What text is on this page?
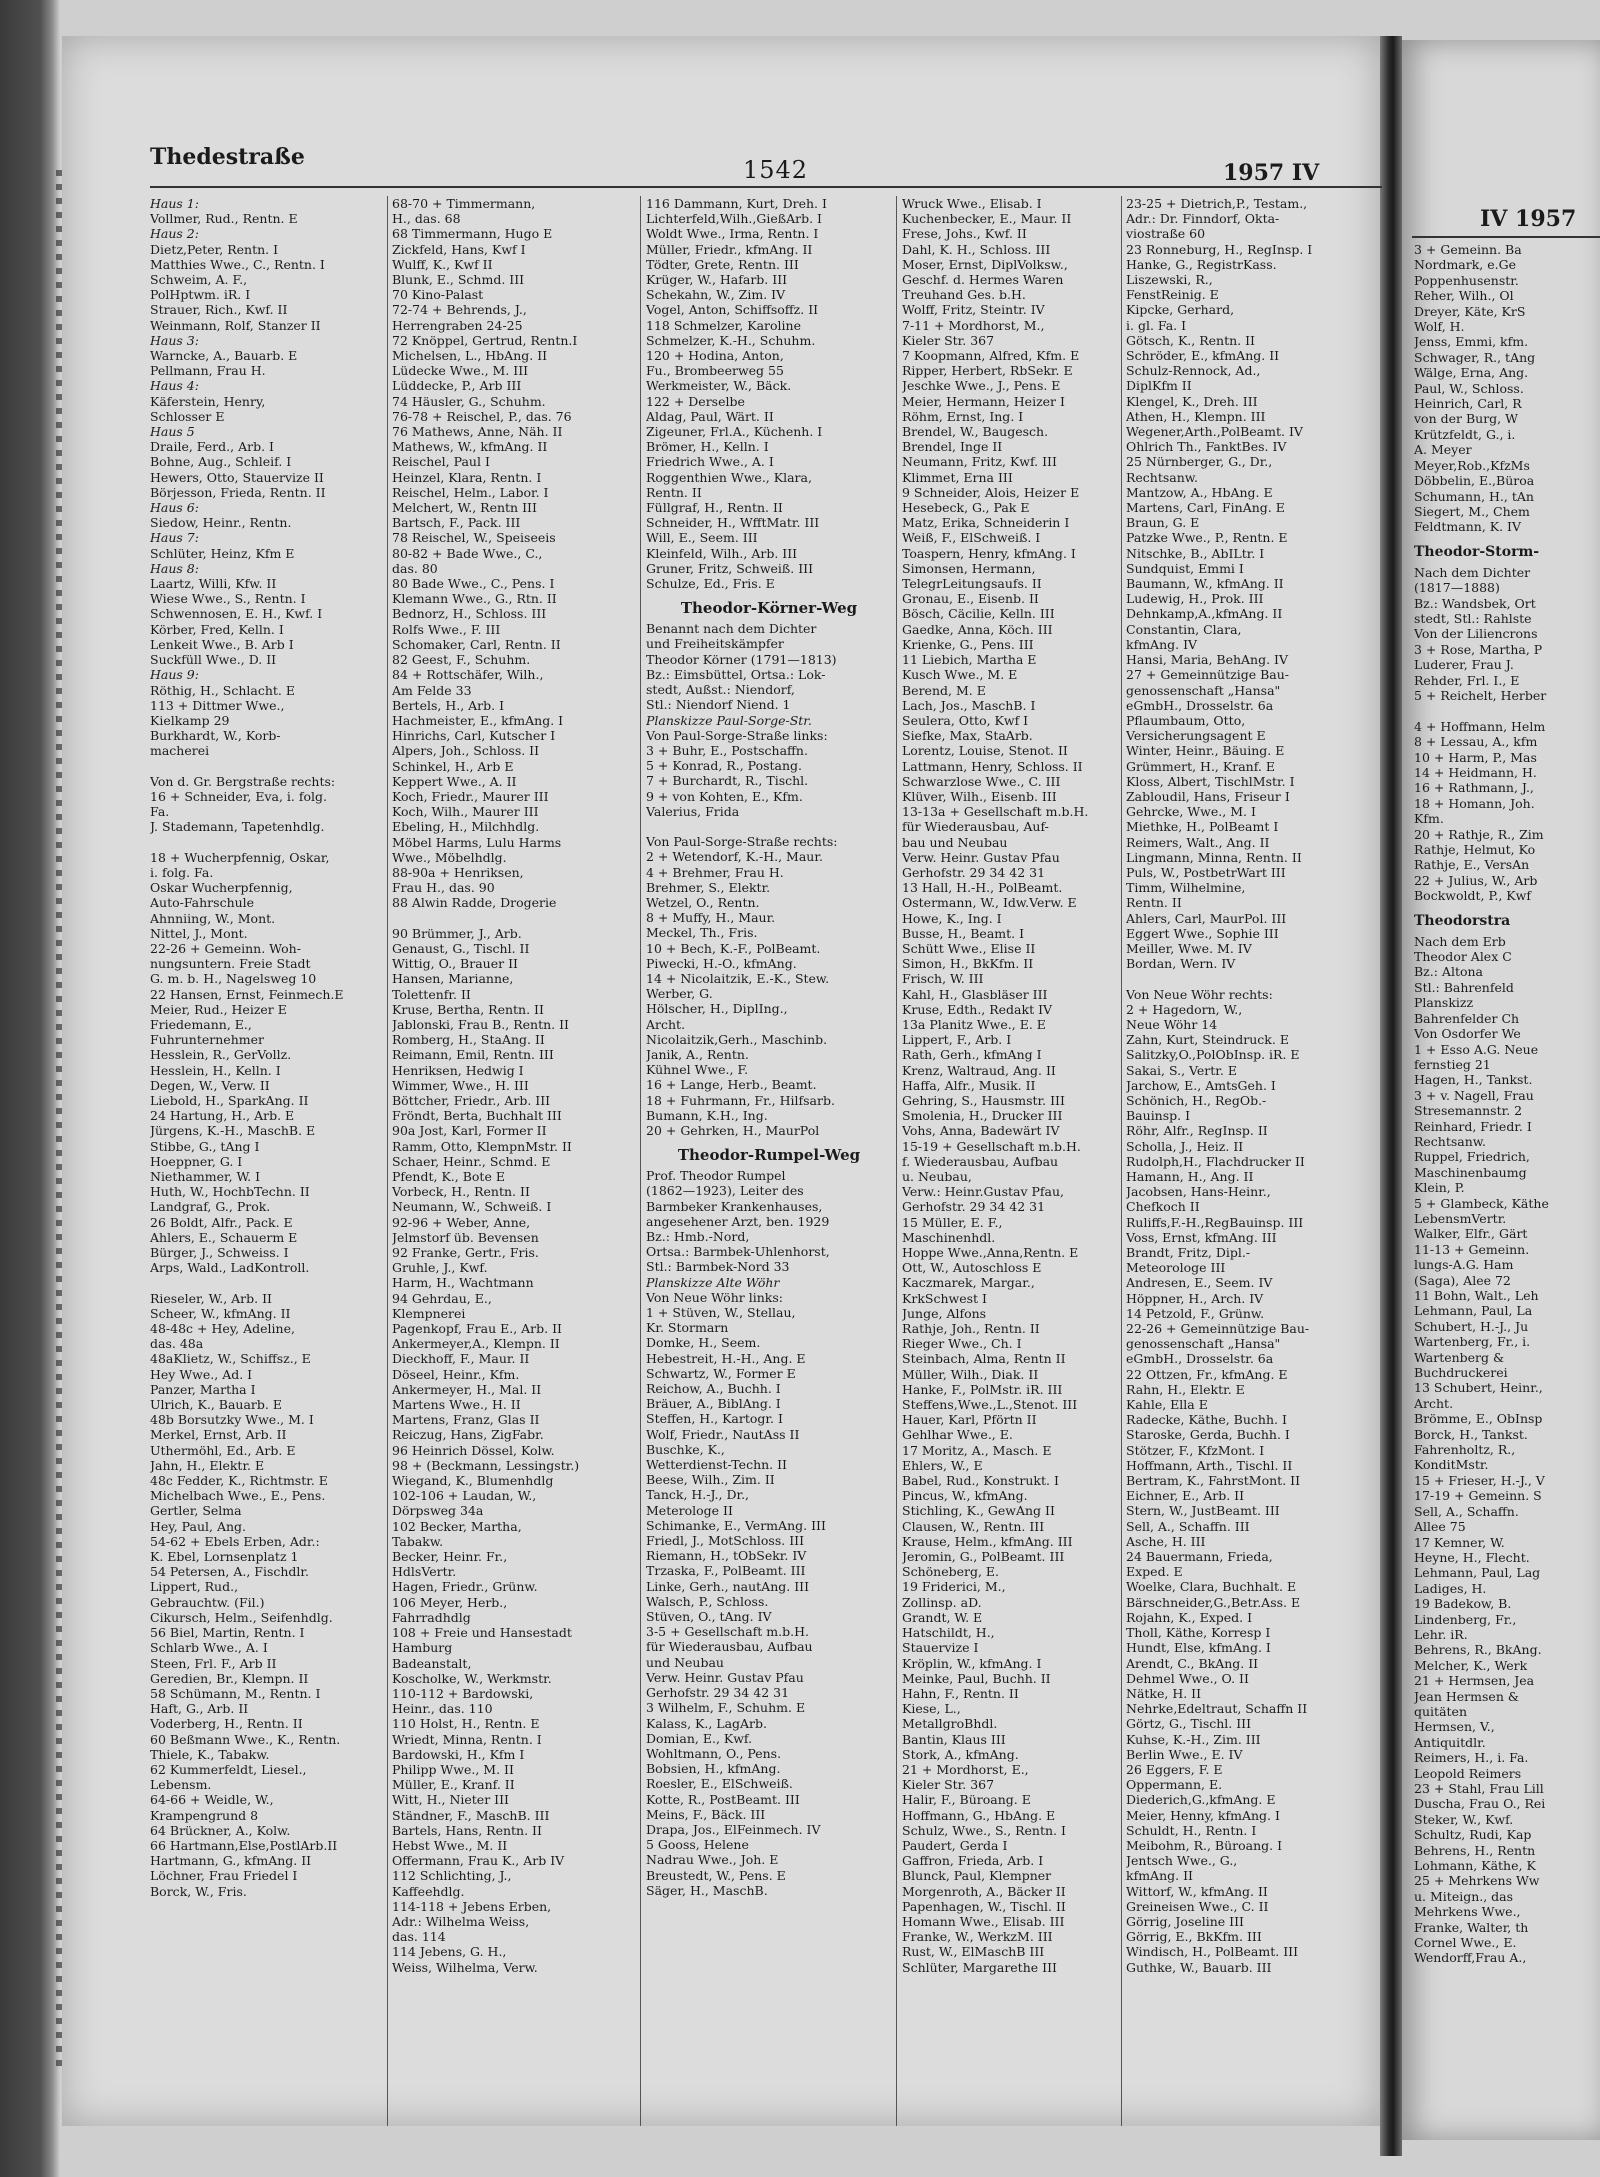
IV 1957
3 + Gemeinn. Ba
Nordmark, e.Ge
Poppenhusenstr.
Reher, Wilh., Ol
Dreyer, Käte, KrS
Wolf, H.
Jenss, Emmi, kfm.
Schwager, R., tAng
Wälge, Erna, Ang.
Paul, W., Schloss.
Heinrich, Carl, R
von der Burg, W
Krützfeldt, G., i.
A. Meyer
Meyer,Rob.,KfzMs
Döbbelin, E.,Büroa
Schumann, H., tAn
Siegert, M., Chem
Feldtmann, K. IV
Theodor-Storm-
Nach dem Dichter
(1817—1888)
Bz.: Wandsbek, Ort
stedt, Stl.: Rahlste
Von der Liliencrons
3 + Rose, Martha, P
Luderer, Frau J.
Rehder, Frl. I., E
5 + Reichelt, Herber

4 + Hoffmann, Helm
8 + Lessau, A., kfm
10 + Harm, P., Mas
14 + Heidmann, H.
16 + Rathmann, J.,
18 + Homann, Joh.
Kfm.
20 + Rathje, R., Zim
Rathje, Helmut, Ko
Rathje, E., VersAn
22 + Julius, W., Arb
Bockwoldt, P., Kwf
Theodorstra
Nach dem Erb
Theodor Alex C
Bz.: Altona
Stl.: Bahrenfeld
Planskizz
Bahrenfelder Ch
Von Osdorfer We
1 + Esso A.G. Neue
fernstieg 21
Hagen, H., Tankst.
3 + v. Nagell, Frau
Stresemannstr. 2
Reinhard, Friedr. I
Rechtsanw.
Ruppel, Friedrich,
Maschinenbaumg
Klein, P.
5 + Glambeck, Käthe
LebensmVertr.
Walker, Elfr., Gärt
11-13 + Gemeinn.
lungs-A.G. Ham
(Saga), Alee 72
11 Bohn, Walt., Leh
Lehmann, Paul, La
Schubert, H.-J., Ju
Wartenberg, Fr., i.
Wartenberg &
Buchdruckerei
13 Schubert, Heinr.,
Archt.
Brömme, E., ObInsp
Borck, H., Tankst.
Fahrenholtz, R.,
KonditMstr.
15 + Frieser, H.-J., V
17-19 + Gemeinn. S
Sell, A., Schaffn.
Allee 75
17 Kemner, W.
Heyne, H., Flecht.
Lehmann, Paul, Lag
Ladiges, H.
19 Badekow, B.
Lindenberg, Fr.,
Lehr. iR.
Behrens, R., BkAng.
Melcher, K., Werk
21 + Hermsen, Jea
Jean Hermsen &
quitäten
Hermsen, V.,
Antiquitdlr.
Reimers, H., i. Fa.
Leopold Reimers
23 + Stahl, Frau Lill
Duscha, Frau O., Rei
Steker, W., Kwf.
Schultz, Rudi, Kap
Behrens, H., Rentn
Lohmann, Käthe, K
25 + Mehrkens Ww
u. Miteign., das
Mehrkens Wwe.,
Franke, Walter, th
Cornel Wwe., E.
Wendorff,Frau A.,
Thedestraße	1542	1957 IV
Haus 1:
Vollmer, Rud., Rentn. E
Haus 2:
Dietz,Peter, Rentn. I
Matthies Wwe., C., Rentn. I
Schweim, A. F.,
PolHptwm. iR. I
Strauer, Rich., Kwf. II
Weinmann, Rolf, Stanzer II
Haus 3:
Warncke, A., Bauarb. E
Pellmann, Frau H.
Haus 4:
Käferstein, Henry,
Schlosser E
Haus 5
Draile, Ferd., Arb. I
Bohne, Aug., Schleif. I
Hewers, Otto, Stauervize II
Börjesson, Frieda, Rentn. II
Haus 6:
Siedow, Heinr., Rentn.
Haus 7:
Schlüter, Heinz, Kfm E
Haus 8:
Laartz, Willi, Kfw. II
Wiese Wwe., S., Rentn. I
Schwennosen, E. H., Kwf. I
Körber, Fred, Kelln. I
Lenkeit Wwe., B. Arb I
Suckfüll Wwe., D. II
Haus 9:
Röthig, H., Schlacht. E
113 + Dittmer Wwe.,
Kielkamp 29
Burkhardt, W., Korb-
macherei

Von d. Gr. Bergstraße rechts:
16 + Schneider, Eva, i. folg.
Fa.
J. Stademann, Tapetenhdlg.

18 + Wucherpfennig, Oskar,
i. folg. Fa.
Oskar Wucherpfennig,
Auto-Fahrschule
Ahnniing, W., Mont.
Nittel, J., Mont.
22-26 + Gemeinn. Woh-
nungsuntern. Freie Stadt
G. m. b. H., Nagelsweg 10
22 Hansen, Ernst, Feinmech.E
Meier, Rud., Heizer E
Friedemann, E.,
Fuhrunternehmer
Hesslein, R., GerVollz.
Hesslein, H., Kelln. I
Degen, W., Verw. II
Liebold, H., SparkAng. II
24 Hartung, H., Arb. E
Jürgens, K.-H., MaschB. E
Stibbe, G., tAng I
Hoeppner, G. I
Niethammer, W. I
Huth, W., HochbTechn. II
Landgraf, G., Prok.
26 Boldt, Alfr., Pack. E
Ahlers, E., Schauerm E
Bürger, J., Schweiss. I
Arps, Wald., LadKontroll.

Rieseler, W., Arb. II
Scheer, W., kfmAng. II
48-48c + Hey, Adeline,
das. 48a
48aKlietz, W., Schiffsz., E
Hey Wwe., Ad. I
Panzer, Martha I
Ulrich, K., Bauarb. E
48b Borsutzky Wwe., M. I
Merkel, Ernst, Arb. II
Uthermöhl, Ed., Arb. E
Jahn, H., Elektr. E
48c Fedder, K., Richtmstr. E
Michelbach Wwe., E., Pens.
Gertler, Selma
Hey, Paul, Ang.
54-62 + Ebels Erben, Adr.:
K. Ebel, Lornsenplatz 1
54 Petersen, A., Fischdlr.
Lippert, Rud.,
Gebrauchtw. (Fil.)
Cikursch, Helm., Seifenhdlg.
56 Biel, Martin, Rentn. I
Schlarb Wwe., A. I
Steen, Frl. F., Arb II
Geredien, Br., Klempn. II
58 Schümann, M., Rentn. I
Haft, G., Arb. II
Voderberg, H., Rentn. II
60 Beßmann Wwe., K., Rentn.
Thiele, K., Tabakw.
62 Kummerfeldt, Liesel.,
Lebensm.
64-66 + Weidle, W.,
Krampengrund 8
64 Brückner, A., Kolw.
66 Hartmann,Else,PostlArb.II
Hartmann, G., kfmAng. II
Löchner, Frau Friedel I
Borck, W., Fris.
68-70 + Timmermann,
H., das. 68
68 Timmermann, Hugo E
Zickfeld, Hans, Kwf I
Wulff, K., Kwf II
Blunk, E., Schmd. III
70 Kino-Palast
72-74 + Behrends, J.,
Herrengraben 24-25
72 Knöppel, Gertrud, Rentn.I
Michelsen, L., HbAng. II
Lüdecke Wwe., M. III
Lüddecke, P., Arb III
74 Häusler, G., Schuhm.
76-78 + Reischel, P., das. 76
76 Mathews, Anne, Näh. II
Mathews, W., kfmAng. II
Reischel, Paul I
Heinzel, Klara, Rentn. I
Reischel, Helm., Labor. I
Melchert, W., Rentn III
Bartsch, F., Pack. III
78 Reischel, W., Speiseeis
80-82 + Bade Wwe., C.,
das. 80
80 Bade Wwe., C., Pens. I
Klemann Wwe., G., Rtn. II
Bednorz, H., Schloss. III
Rolfs Wwe., F. III
Schomaker, Carl, Rentn. II
82 Geest, F., Schuhm.
84 + Rottschäfer, Wilh.,
Am Felde 33
Bertels, H., Arb. I
Hachmeister, E., kfmAng. I
Hinrichs, Carl, Kutscher I
Alpers, Joh., Schloss. II
Schinkel, H., Arb E
Keppert Wwe., A. II
Koch, Friedr., Maurer III
Koch, Wilh., Maurer III
Ebeling, H., Milchhdlg.
Möbel Harms, Lulu Harms
Wwe., Möbelhdlg.
88-90a + Henriksen,
Frau H., das. 90
88 Alwin Radde, Drogerie

90 Brümmer, J., Arb.
Genaust, G., Tischl. II
Wittig, O., Brauer II
Hansen, Marianne,
Tolettenfr. II
Kruse, Bertha, Rentn. II
Jablonski, Frau B., Rentn. II
Romberg, H., StaAng. II
Reimann, Emil, Rentn. III
Henriksen, Hedwig I
Wimmer, Wwe., H. III
Böttcher, Friedr., Arb. III
Fröndt, Berta, Buchhalt III
90a Jost, Karl, Former II
Ramm, Otto, KlempnMstr. II
Schaer, Heinr., Schmd. E
Pfendt, K., Bote E
Vorbeck, H., Rentn. II
Neumann, W., Schweiß. I
92-96 + Weber, Anne,
Jelmstorf üb. Bevensen
92 Franke, Gertr., Fris.
Gruhle, J., Kwf.
Harm, H., Wachtmann
94 Gehrdau, E.,
Klempnerei
Pagenkopf, Frau E., Arb. II
Ankermeyer,A., Klempn. II
Dieckhoff, F., Maur. II
Döseel, Heinr., Kfm.
Ankermeyer, H., Mal. II
Martens Wwe., H. II
Martens, Franz, Glas II
Reiczug, Hans, ZigFabr.
96 Heinrich Dössel, Kolw.
98 + (Beckmann, Lessingstr.)
Wiegand, K., Blumenhdlg
102-106 + Laudan, W.,
Dörpsweg 34a
102 Becker, Martha,
Tabakw.
Becker, Heinr. Fr.,
HdlsVertr.
Hagen, Friedr., Grünw.
106 Meyer, Herb.,
Fahrradhdlg
108 + Freie und Hansestadt
Hamburg
Badeanstalt,
Koscholke, W., Werkmstr.
110-112 + Bardowski,
Heinr., das. 110
110 Holst, H., Rentn. E
Wriedt, Minna, Rentn. I
Bardowski, H., Kfm I
Philipp Wwe., M. II
Müller, E., Kranf. II
Witt, H., Nieter III
Ständner, F., MaschB. III
Bartels, Hans, Rentn. II
Hebst Wwe., M. II
Offermann, Frau K., Arb IV
112 Schlichting, J.,
Kaffeehdlg.
114-118 + Jebens Erben,
Adr.: Wilhelma Weiss,
das. 114
114 Jebens, G. H.,
Weiss, Wilhelma, Verw.
116 Dammann, Kurt, Dreh. I
Lichterfeld,Wilh.,GießArb. I
Woldt Wwe., Irma, Rentn. I
Müller, Friedr., kfmAng. II
Tödter, Grete, Rentn. III
Krüger, W., Hafarb. III
Schekahn, W., Zim. IV
Vogel, Anton, Schiffsoffz. II
118 Schmelzer, Karoline
Schmelzer, K.-H., Schuhm.
120 + Hodina, Anton,
Fu., Brombeerweg 55
Werkmeister, W., Bäck.
122 + Derselbe
Aldag, Paul, Wärt. II
Zigeuner, Frl.A., Küchenh. I
Brömer, H., Kelln. I
Friedrich Wwe., A. I
Roggenthien Wwe., Klara,
Rentn. II
Füllgraf, H., Rentn. II
Schneider, H., WfftMatr. III
Will, E., Seem. III
Kleinfeld, Wilh., Arb. III
Gruner, Fritz, Schweiß. III
Schulze, Ed., Fris. E
Theodor-Körner-Weg
Benannt nach dem Dichter
und Freiheitskämpfer
Theodor Körner (1791—1813)
Bz.: Eimsbüttel, Ortsa.: Lok-
stedt, Außst.: Niendorf,
Stl.: Niendorf Niend. 1
Planskizze Paul-Sorge-Str.
Von Paul-Sorge-Straße links:
3 + Buhr, E., Postschaffn.
5 + Konrad, R., Postang.
7 + Burchardt, R., Tischl.
9 + von Kohten, E., Kfm.
Valerius, Frida

Von Paul-Sorge-Straße rechts:
2 + Wetendorf, K.-H., Maur.
4 + Brehmer, Frau H.
Brehmer, S., Elektr.
Wetzel, O., Rentn.
8 + Muffy, H., Maur.
Meckel, Th., Fris.
10 + Bech, K.-F., PolBeamt.
Piwecki, H.-O., kfmAng.
14 + Nicolaitzik, E.-K., Stew.
Werber, G.
Hölscher, H., DiplIng.,
Archt.
Nicolaitzik,Gerh., Maschinb.
Janik, A., Rentn.
Kühnel Wwe., F.
16 + Lange, Herb., Beamt.
18 + Fuhrmann, Fr., Hilfsarb.
Bumann, K.H., Ing.
20 + Gehrken, H., MaurPol
Theodor-Rumpel-Weg
Prof. Theodor Rumpel
(1862—1923), Leiter des
Barmbeker Krankenhauses,
angesehener Arzt, ben. 1929
Bz.: Hmb.-Nord,
Ortsa.: Barmbek-Uhlenhorst,
Stl.: Barmbek-Nord 33
Planskizze Alte Wöhr
Von Neue Wöhr links:
1 + Stüven, W., Stellau,
Kr. Stormarn
Domke, H., Seem.
Hebestreit, H.-H., Ang. E
Schwartz, W., Former E
Reichow, A., Buchh. I
Bräuer, A., BiblAng. I
Steffen, H., Kartogr. I
Wolf, Friedr., NautAss II
Buschke, K.,
Wetterdienst-Techn. II
Beese, Wilh., Zim. II
Tanck, H.-J., Dr.,
Meterologe II
Schimanke, E., VermAng. III
Friedl, J., MotSchloss. III
Riemann, H., tObSekr. IV
Trzaska, F., PolBeamt. III
Linke, Gerh., nautAng. III
Walsch, P., Schloss.
Stüven, O., tAng. IV
3-5 + Gesellschaft m.b.H.
für Wiederausbau, Aufbau
und Neubau
Verw. Heinr. Gustav Pfau
Gerhofstr. 29 34 42 31
3 Wilhelm, F., Schuhm. E
Kalass, K., LagArb.
Domian, E., Kwf.
Wohltmann, O., Pens.
Bobsien, H., kfmAng.
Roesler, E., ElSchweiß.
Kotte, R., PostBeamt. III
Meins, F., Bäck. III
Drapa, Jos., ElFeinmech. IV
5 Gooss, Helene
Nadrau Wwe., Joh. E
Breustedt, W., Pens. E
Säger, H., MaschB.
Wruck Wwe., Elisab. I
Kuchenbecker, E., Maur. II
Frese, Johs., Kwf. II
Dahl, K. H., Schloss. III
Moser, Ernst, DiplVolksw.,
Geschf. d. Hermes Waren
Treuhand Ges. b.H.
Wolff, Fritz, Steintr. IV
7-11 + Mordhorst, M.,
Kieler Str. 367
7 Koopmann, Alfred, Kfm. E
Ripper, Herbert, RbSekr. E
Jeschke Wwe., J., Pens. E
Meier, Hermann, Heizer I
Röhm, Ernst, Ing. I
Brendel, W., Baugesch.
Brendel, Inge II
Neumann, Fritz, Kwf. III
Klimmet, Erna III
9 Schneider, Alois, Heizer E
Hesebeck, G., Pak E
Matz, Erika, Schneiderin I
Weiß, F., ElSchweiß. I
Toaspern, Henry, kfmAng. I
Simonsen, Hermann,
TelegrLeitungsaufs. II
Gronau, E., Eisenb. II
Bösch, Cäcilie, Kelln. III
Gaedke, Anna, Köch. III
Krienke, G., Pens. III
11 Liebich, Martha E
Kusch Wwe., M. E
Berend, M. E
Lach, Jos., MaschB. I
Seulera, Otto, Kwf I
Siefke, Max, StaArb.
Lorentz, Louise, Stenot. II
Lattmann, Henry, Schloss. II
Schwarzlose Wwe., C. III
Klüver, Wilh., Eisenb. III
13-13a + Gesellschaft m.b.H.
für Wiederausbau, Auf-
bau und Neubau
Verw. Heinr. Gustav Pfau
Gerhofstr. 29 34 42 31
13 Hall, H.-H., PolBeamt.
Ostermann, W., Idw.Verw. E
Howe, K., Ing. I
Busse, H., Beamt. I
Schütt Wwe., Elise II
Simon, H., BkKfm. II
Frisch, W. III
Kahl, H., Glasbläser III
Kruse, Edth., Redakt IV
13a Planitz Wwe., E. E
Lippert, F., Arb. I
Rath, Gerh., kfmAng I
Krenz, Waltraud, Ang. II
Haffa, Alfr., Musik. II
Gehring, S., Hausmstr. III
Smolenia, H., Drucker III
Vohs, Anna, Badewärt IV
15-19 + Gesellschaft m.b.H.
f. Wiederausbau, Aufbau
u. Neubau,
Verw.: Heinr.Gustav Pfau,
Gerhofstr. 29 34 42 31
15 Müller, E. F.,
Maschinenhdl.
Hoppe Wwe.,Anna,Rentn. E
Ott, W., Autoschloss E
Kaczmarek, Margar.,
KrkSchwest I
Junge, Alfons
Rathje, Joh., Rentn. II
Rieger Wwe., Ch. I
Steinbach, Alma, Rentn II
Müller, Wilh., Diak. II
Hanke, F., PolMstr. iR. III
Steffens,Wwe.,L.,Stenot. III
Hauer, Karl, Pförtn II
Gehlhar Wwe., E.
17 Moritz, A., Masch. E
Ehlers, W., E
Babel, Rud., Konstrukt. I
Pincus, W., kfmAng.
Stichling, K., GewAng II
Clausen, W., Rentn. III
Krause, Helm., kfmAng. III
Jeromin, G., PolBeamt. III
Schöneberg, E.
19 Friderici, M.,
Zollinsp. aD.
Grandt, W. E
Hatschildt, H.,
Stauervize I
Kröplin, W., kfmAng. I
Meinke, Paul, Buchh. II
Hahn, F., Rentn. II
Kiese, L.,
MetallgroBhdl.
Bantin, Klaus III
Stork, A., kfmAng.
21 + Mordhorst, E.,
Kieler Str. 367
Halir, F., Büroang. E
Hoffmann, G., HbAng. E
Schulz, Wwe., S., Rentn. I
Paudert, Gerda I
Gaffron, Frieda, Arb. I
Blunck, Paul, Klempner
Morgenroth, A., Bäcker II
Papenhagen, W., Tischl. II
Homann Wwe., Elisab. III
Franke, W., WerkzM. III
Rust, W., ElMaschB III
Schlüter, Margarethe III
23-25 + Dietrich,P., Testam.,
Adr.: Dr. Finndorf, Okta-
viostraße 60
23 Ronneburg, H., RegInsp. I
Hanke, G., RegistrKass.
Liszewski, R.,
FenstReinig. E
Kipcke, Gerhard,
i. gl. Fa. I
Götsch, K., Rentn. II
Schröder, E., kfmAng. II
Schulz-Rennock, Ad.,
DiplKfm II
Klengel, K., Dreh. III
Athen, H., Klempn. III
Wegener,Arth.,PolBeamt. IV
Ohlrich Th., FanktBes. IV
25 Nürnberger, G., Dr.,
Rechtsanw.
Mantzow, A., HbAng. E
Martens, Carl, FinAng. E
Braun, G. E
Patzke Wwe., P., Rentn. E
Nitschke, B., AbILtr. I
Sundquist, Emmi I
Baumann, W., kfmAng. II
Ludewig, H., Prok. III
Dehnkamp,A.,kfmAng. II
Constantin, Clara,
kfmAng. IV
Hansi, Maria, BehAng. IV
27 + Gemeinnützige Bau-
genossenschaft „Hansa"
eGmbH., Drosselstr. 6a
Pflaumbaum, Otto,
Versicherungsagent E
Winter, Heinr., Bäuing. E
Grümmert, H., Kranf. E
Kloss, Albert, TischlMstr. I
Zabloudil, Hans, Friseur I
Gehrcke, Wwe., M. I
Miethke, H., PolBeamt I
Reimers, Walt., Ang. II
Lingmann, Minna, Rentn. II
Puls, W., PostbetrWart III
Timm, Wilhelmine,
Rentn. II
Ahlers, Carl, MaurPol. III
Eggert Wwe., Sophie III
Meiller, Wwe. M. IV
Bordan, Wern. IV

Von Neue Wöhr rechts:
2 + Hagedorn, W.,
Neue Wöhr 14
Zahn, Kurt, Steindruck. E
Salitzky,O.,PolObInsp. iR. E
Sakai, S., Vertr. E
Jarchow, E., AmtsGeh. I
Schönich, H., RegOb.-
Bauinsp. I
Röhr, Alfr., RegInsp. II
Scholla, J., Heiz. II
Rudolph,H., Flachdrucker II
Hamann, H., Ang. II
Jacobsen, Hans-Heinr.,
Chefkoch II
Ruliffs,F.-H.,RegBauinsp. III
Voss, Ernst, kfmAng. III
Brandt, Fritz, Dipl.-
Meteorologe III
Andresen, E., Seem. IV
Höppner, H., Arch. IV
14 Petzold, F., Grünw.
22-26 + Gemeinnützige Bau-
genossenschaft „Hansa"
eGmbH., Drosselstr. 6a
22 Ottzen, Fr., kfmAng. E
Rahn, H., Elektr. E
Kahle, Ella E
Radecke, Käthe, Buchh. I
Staroske, Gerda, Buchh. I
Stötzer, F., KfzMont. I
Hoffmann, Arth., Tischl. II
Bertram, K., FahrstMont. II
Eichner, E., Arb. II
Stern, W., JustBeamt. III
Sell, A., Schaffn. III
Asche, H. III
24 Bauermann, Frieda,
Exped. E
Woelke, Clara, Buchhalt. E
Bärschneider,G.,Betr.Ass. E
Rojahn, K., Exped. I
Tholl, Käthe, Korresp I
Hundt, Else, kfmAng. I
Arendt, C., BkAng. II
Dehmel Wwe., O. II
Nätke, H. II
Nehrke,Edeltraut, Schaffn II
Görtz, G., Tischl. III
Kuhse, K.-H., Zim. III
Berlin Wwe., E. IV
26 Eggers, F. E
Oppermann, E.
Diederich,G.,kfmAng. E
Meier, Henny, kfmAng. I
Schuldt, H., Rentn. I
Meibohm, R., Büroang. I
Jentsch Wwe., G.,
kfmAng. II
Wittorf, W., kfmAng. II
Greineisen Wwe., C. II
Görrig, Joseline III
Görrig, E., BkKfm. III
Windisch, H., PolBeamt. III
Guthke, W., Bauarb. III
